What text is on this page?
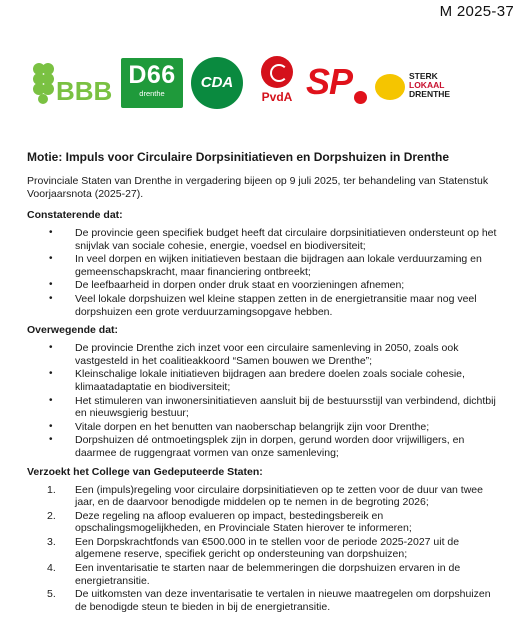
M 2025-37
BBB
D66
drenthe
CDA
PvdA SP	STERK
LOKAAL
DRENTHE
Motie: Impuls voor Circulaire Dorpsinitiatieven en Dorpshuizen in Drenthe

Provinciale Staten van Drenthe in vergadering bijeen op 9 juli 2025, ter behandeling van Statenstuk Voorjaarsnota (2025-27).

Constaterende dat:
• De provincie geen specifiek budget heeft dat circulaire dorpsinitiatieven ondersteunt op het snijvlak van sociale cohesie, energie, voedsel en biodiversiteit;
• In veel dorpen en wijken initiatieven bestaan die bijdragen aan lokale verduurzaming en gemeenschapskracht, maar financiering ontbreekt;
• De leefbaarheid in dorpen onder druk staat en voorzieningen afnemen;
• Veel lokale dorpshuizen wel kleine stappen zetten in de energietransitie maar nog veel dorpshuizen een grote verduurzamingsopgave hebben.
Overwegende dat:
• De provincie Drenthe zich inzet voor een circulaire samenleving in 2050, zoals ook vastgesteld in het coalitieakkoord “Samen bouwen we Drenthe”;
• Kleinschalige lokale initiatieven bijdragen aan bredere doelen zoals sociale cohesie, klimaatadaptatie en biodiversiteit;
• Het stimuleren van inwonersinitiatieven aansluit bij de bestuursstijl van verbindend, dichtbij en nieuwsgierig bestuur;
• Vitale dorpen en het benutten van naoberschap belangrijk zijn voor Drenthe;
• Dorpshuizen dé ontmoetingsplek zijn in dorpen, gerund worden door vrijwilligers, en daarmee de ruggengraat vormen van onze samenleving;
Verzoekt het College van Gedeputeerde Staten:
1. Een (impuls)regeling voor circulaire dorpsinitiatieven op te zetten voor de duur van twee jaar, en de daarvoor benodigde middelen op te nemen in de begroting 2026;
2. Deze regeling na afloop evalueren op impact, bestedingsbereik en opschalingsmogelijkheden, en Provinciale Staten hierover te informeren;
3. Een Dorpskrachtfonds van €500.000 in te stellen voor de periode 2025-2027 uit de algemene reserve, specifiek gericht op ondersteuning van dorpshuizen;
4. Een inventarisatie te starten naar de belemmeringen die dorpshuizen ervaren in de energietransitie.
5. De uitkomsten van deze inventarisatie te vertalen in nieuwe maatregelen om dorpshuizen de benodigde steun te bieden in bij de energietransitie.
